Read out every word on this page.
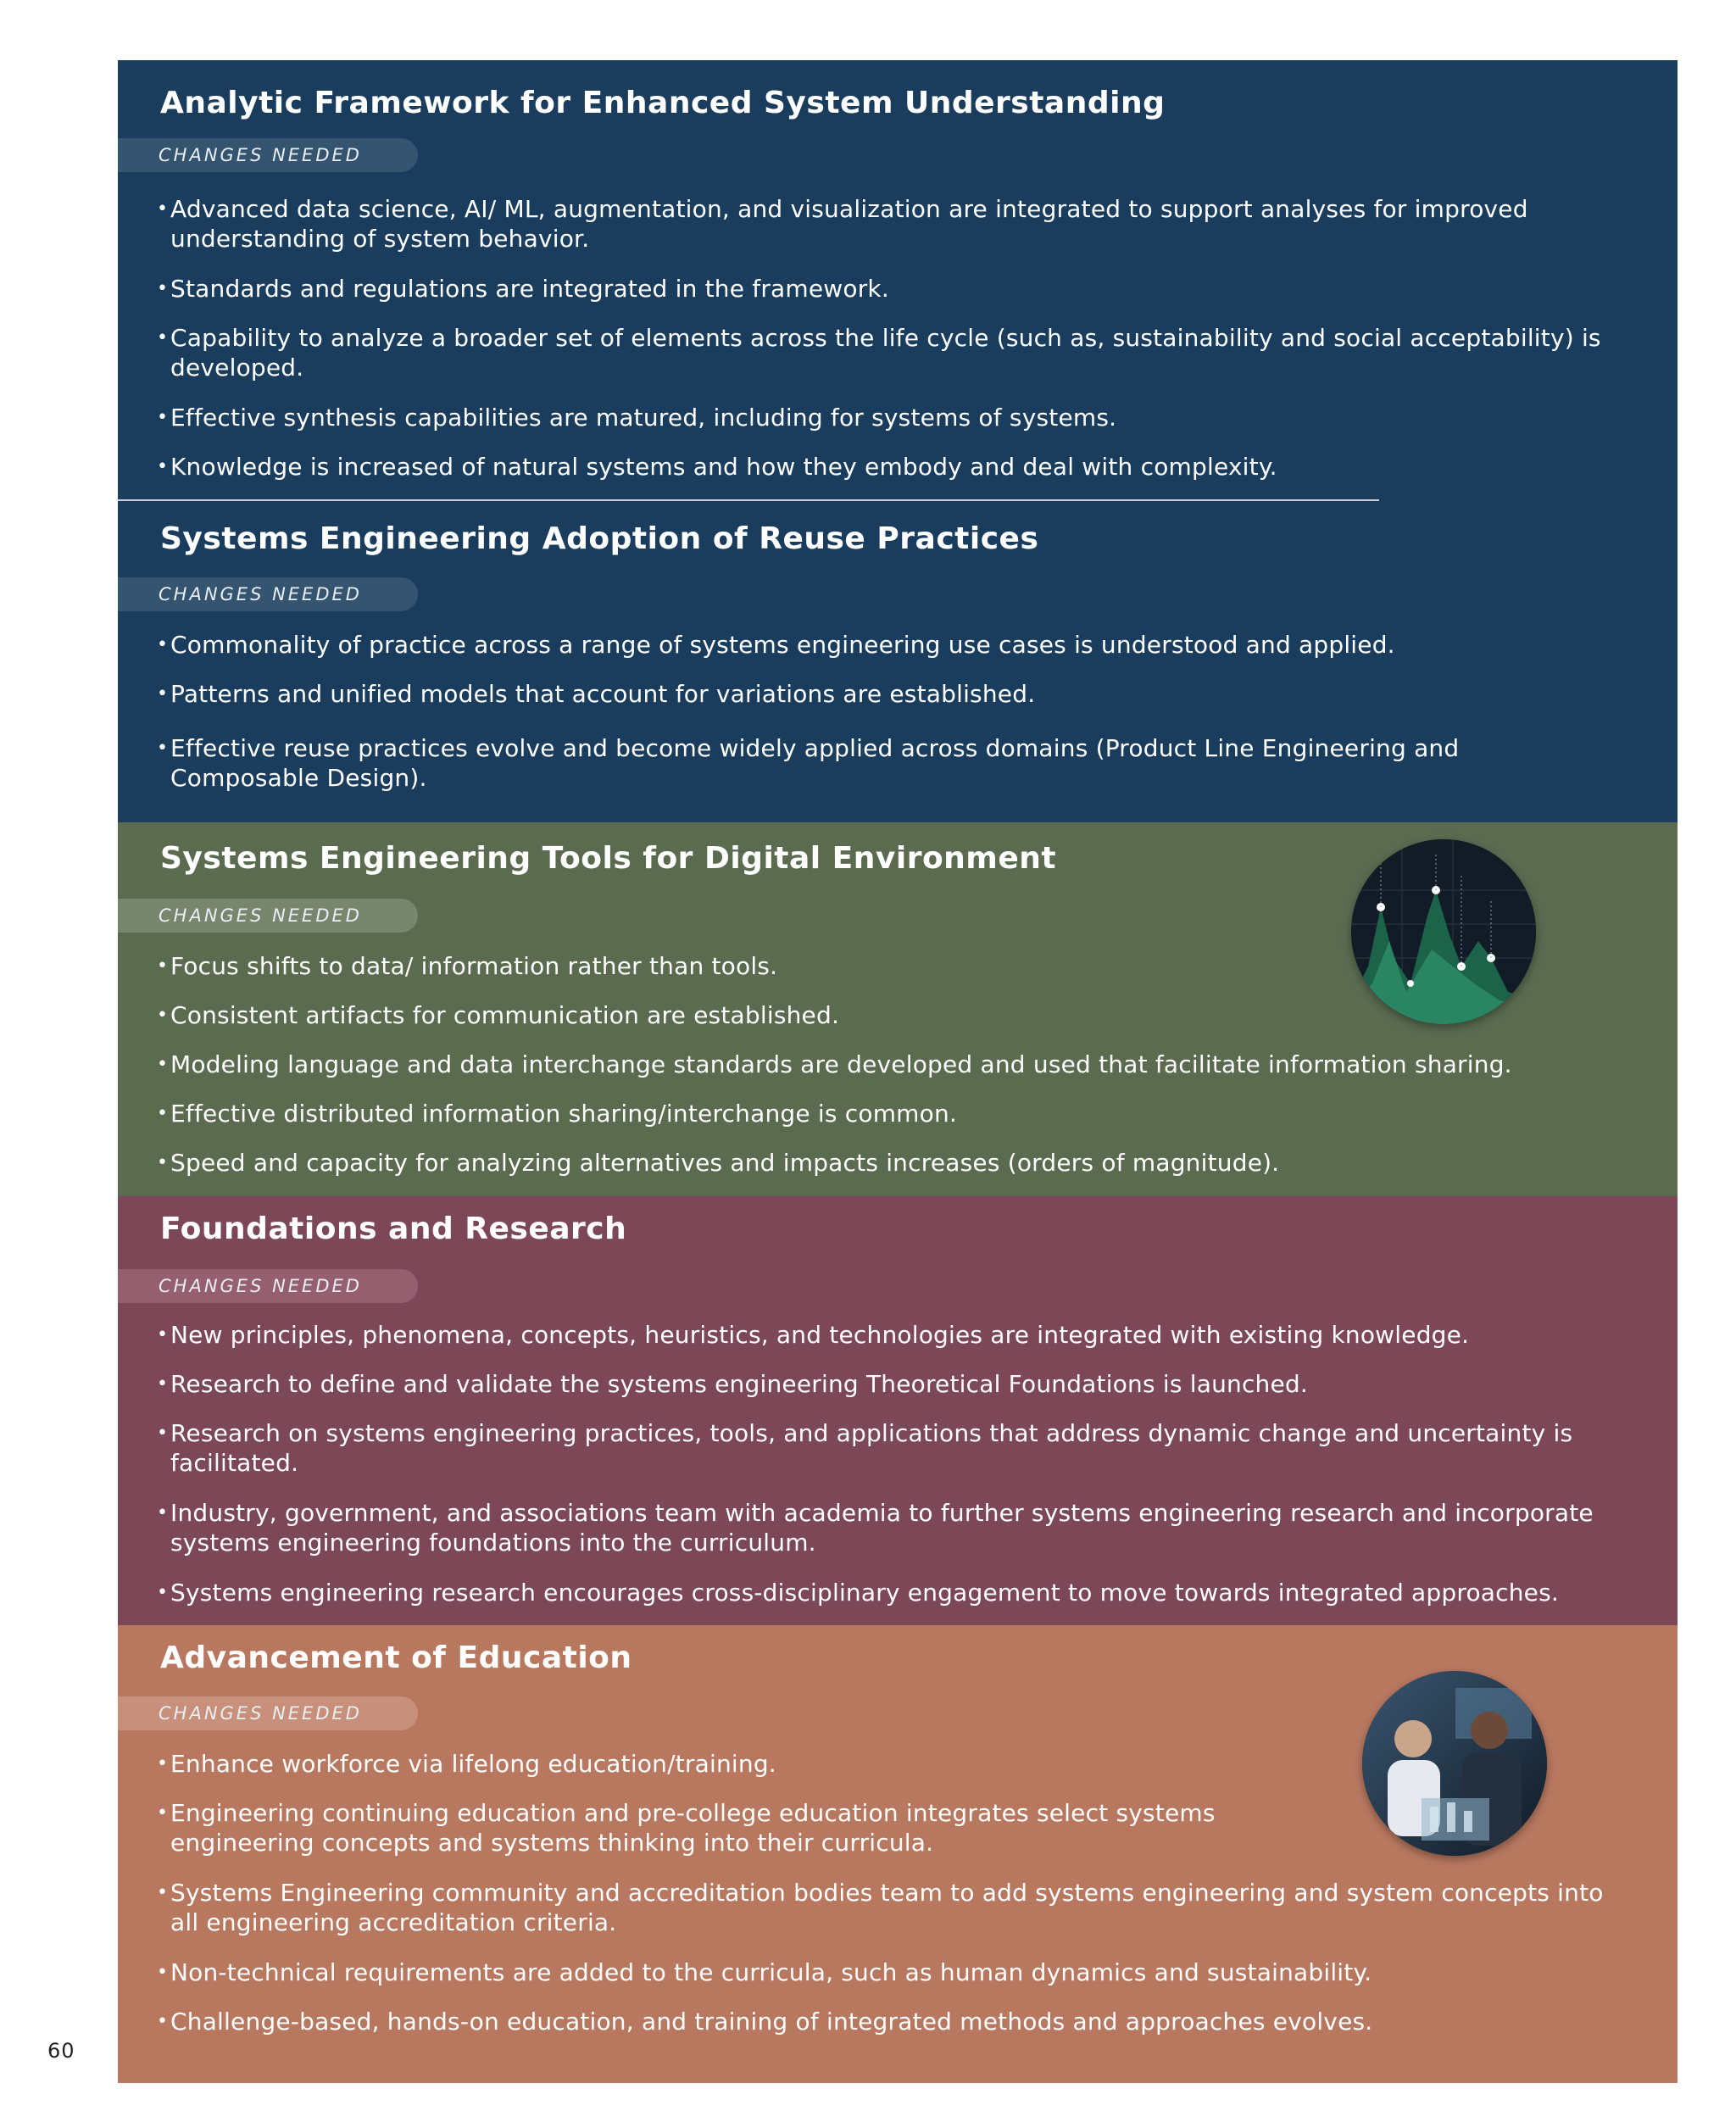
60
Analytic Framework for Enhanced System Understanding
CHANGES NEEDED
• Advanced data science, AI/ ML, augmentation, and visualization are integrated to support analyses for improved understanding of system behavior.
• Standards and regulations are integrated in the framework.
• Capability to analyze a broader set of elements across the life cycle (such as, sustainability and social acceptability) is developed.
• Effective synthesis capabilities are matured, including for systems of systems.
• Knowledge is increased of natural systems and how they embody and deal with complexity.
Systems Engineering Adoption of Reuse Practices
CHANGES NEEDED
• Commonality of practice across a range of systems engineering use cases is understood and applied.
• Patterns and unified models that account for variations are established.
• Effective reuse practices evolve and become widely applied across domains (Product Line Engineering and Composable Design).
Systems Engineering Tools for Digital Environment
CHANGES NEEDED
• Focus shifts to data/ information rather than tools.
• Consistent artifacts for communication are established.
• Modeling language and data interchange standards are developed and used that facilitate information sharing.
• Effective distributed information sharing/interchange is common.
• Speed and capacity for analyzing alternatives and impacts increases (orders of magnitude).
Foundations and Research
CHANGES NEEDED
• New principles, phenomena, concepts, heuristics, and technologies are integrated with existing knowledge.
• Research to define and validate the systems engineering Theoretical Foundations is launched.
• Research on systems engineering practices, tools, and applications that address dynamic change and uncertainty is facilitated.
• Industry, government, and associations team with academia to further systems engineering research and incorporate systems engineering foundations into the curriculum.
• Systems engineering research encourages cross-disciplinary engagement to move towards integrated approaches.
Advancement of Education
CHANGES NEEDED
• Enhance workforce via lifelong education/training.
• Engineering continuing education and pre-college education integrates select systems engineering concepts and systems thinking into their curricula.
• Systems Engineering community and accreditation bodies team to add systems engineering and system concepts into all engineering accreditation criteria.
• Non-technical requirements are added to the curricula, such as human dynamics and sustainability.
• Challenge-based, hands-on education, and training of integrated methods and approaches evolves.
